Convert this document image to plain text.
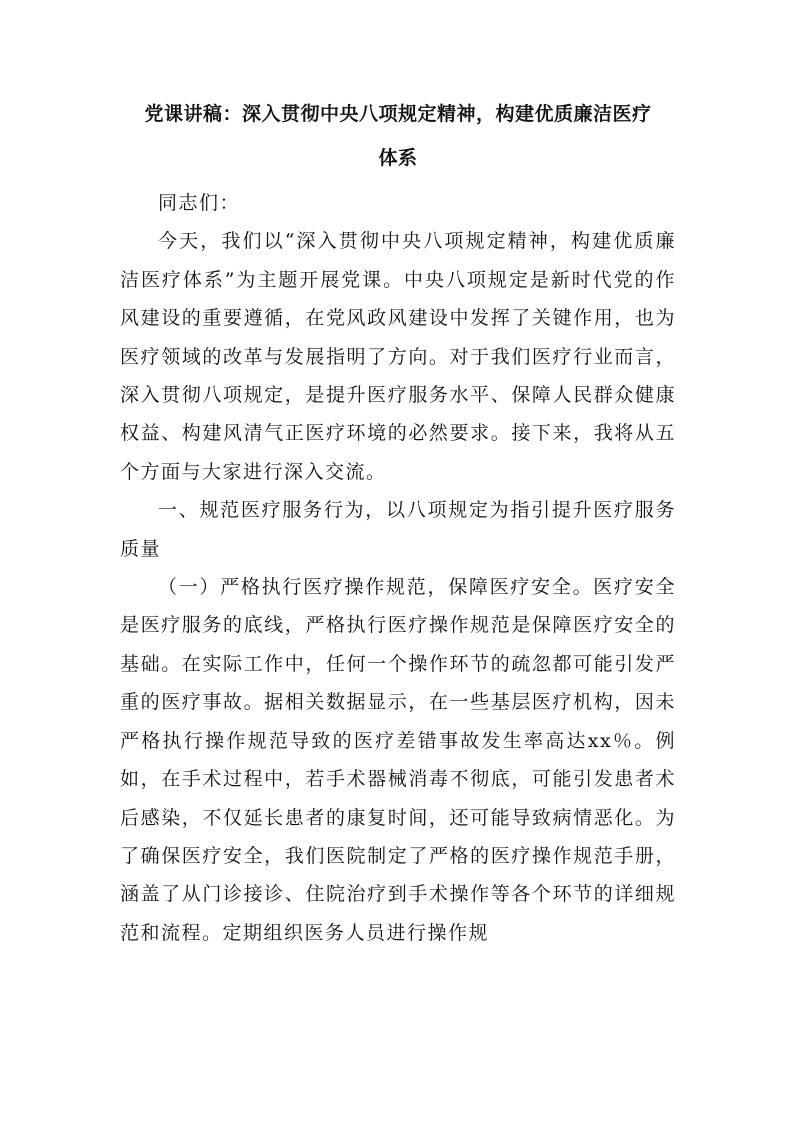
党课讲稿：深入贯彻中央八项规定精神，构建优质廉洁医疗
体系

同志们：

今天，我们以“深入贯彻中央八项规定精神，构建优质廉洁医疗体系”为主题开展党课。中央八项规定是新时代党的作风建设的重要遵循，在党风政风建设中发挥了关键作用，也为医疗领域的改革与发展指明了方向。对于我们医疗行业而言，深入贯彻八项规定，是提升医疗服务水平、保障人民群众健康权益、构建风清气正医疗环境的必然要求。接下来，我将从五个方面与大家进行深入交流。

一、规范医疗服务行为，以八项规定为指引提升医疗服务质量

（一）严格执行医疗操作规范，保障医疗安全。医疗安全是医疗服务的底线，严格执行医疗操作规范是保障医疗安全的基础。在实际工作中，任何一个操作环节的疏忽都可能引发严重的医疗事故。据相关数据显示，在一些基层医疗机构，因未严格执行操作规范导致的医疗差错事故发生率高达xx％。例如，在手术过程中，若手术器械消毒不彻底，可能引发患者术后感染，不仅延长患者的康复时间，还可能导致病情恶化。为了确保医疗安全，我们医院制定了严格的医疗操作规范手册，涵盖了从门诊接诊、住院治疗到手术操作等各个环节的详细规范和流程。定期组织医务人员进行操作规
